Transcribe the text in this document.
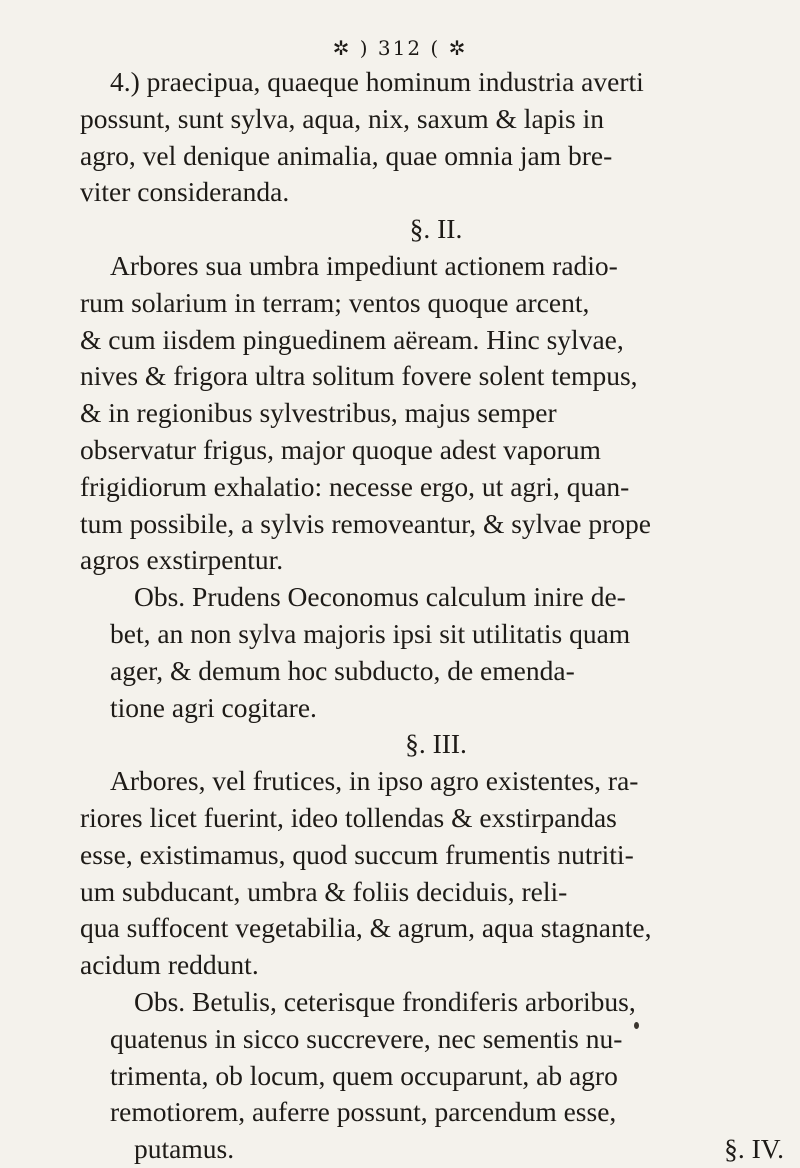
✲ ) 312 ( ✲
4.) praecipua, quaeque hominum industria averti
possunt, sunt sylva, aqua, nix, saxum & lapis in
agro, vel denique animalia, quae omnia jam bre-
viter consideranda.
§. II.
Arbores sua umbra impediunt actionem radio-
rum solarium in terram; ventos quoque arcent,
& cum iisdem pinguedinem aëream. Hinc sylvae,
nives & frigora ultra solitum fovere solent tempus,
& in regionibus sylvestribus, majus semper
observatur frigus, major quoque adest vaporum
frigidiorum exhalatio: necesse ergo, ut agri, quan-
tum possibile, a sylvis removeantur, & sylvae prope
agros exstirpentur.
Obs. Prudens Oeconomus calculum inire de-
bet, an non sylva majoris ipsi sit utilitatis quam
ager, & demum hoc subducto, de emenda-
tione agri cogitare.
§. III.
Arbores, vel frutices, in ipso agro existentes, ra-
riores licet fuerint, ideo tollendas & exstirpandas
esse, existimamus, quod succum frumentis nutriti-
um subducant, umbra & foliis deciduis, reli-
qua suffocent vegetabilia, & agrum, aqua stagnante,
acidum reddunt.
Obs. Betulis, ceterisque frondiferis arboribus,
quatenus in sicco succrevere, nec sementis nu-
trimenta, ob locum, quem occuparunt, ab agro
remotiorem, auferre possunt, parcendum esse,
putamus.	§. IV.
